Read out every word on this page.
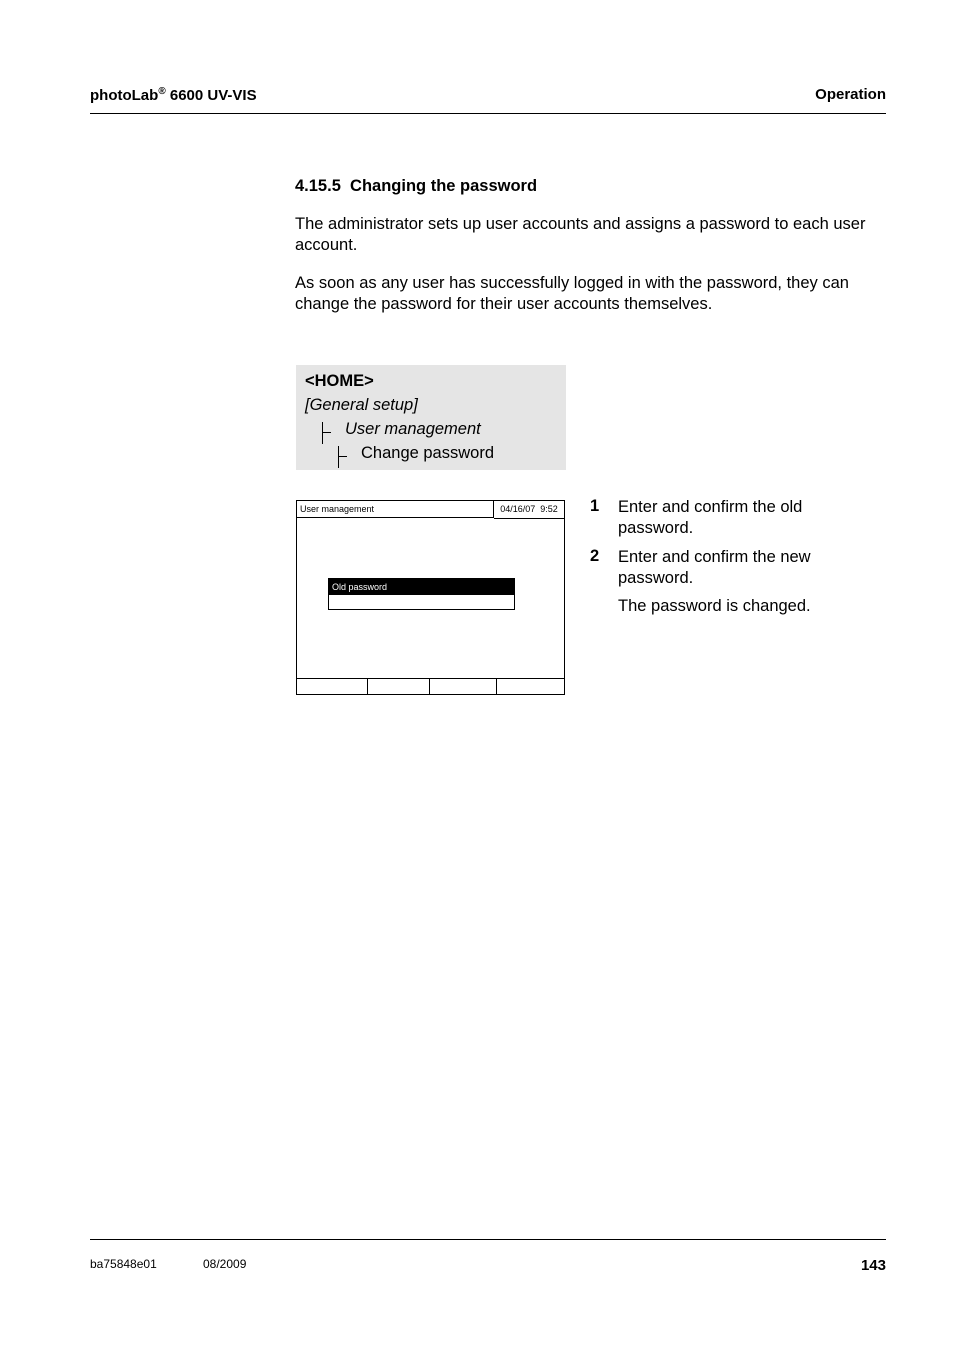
photoLab® 6600 UV-VIS	Operation
4.15.5  Changing the password
The administrator sets up user accounts and assigns a password to each user account.
As soon as any user has successfully logged in with the password, they can change the password for their user accounts themselves.
<HOME>
[General setup]
User management
Change password
User management	04/16/07  9:52
Old password
1 Enter and confirm the old password.
2 Enter and confirm the new password.
The password is changed.
ba75848e01	08/2009	143
